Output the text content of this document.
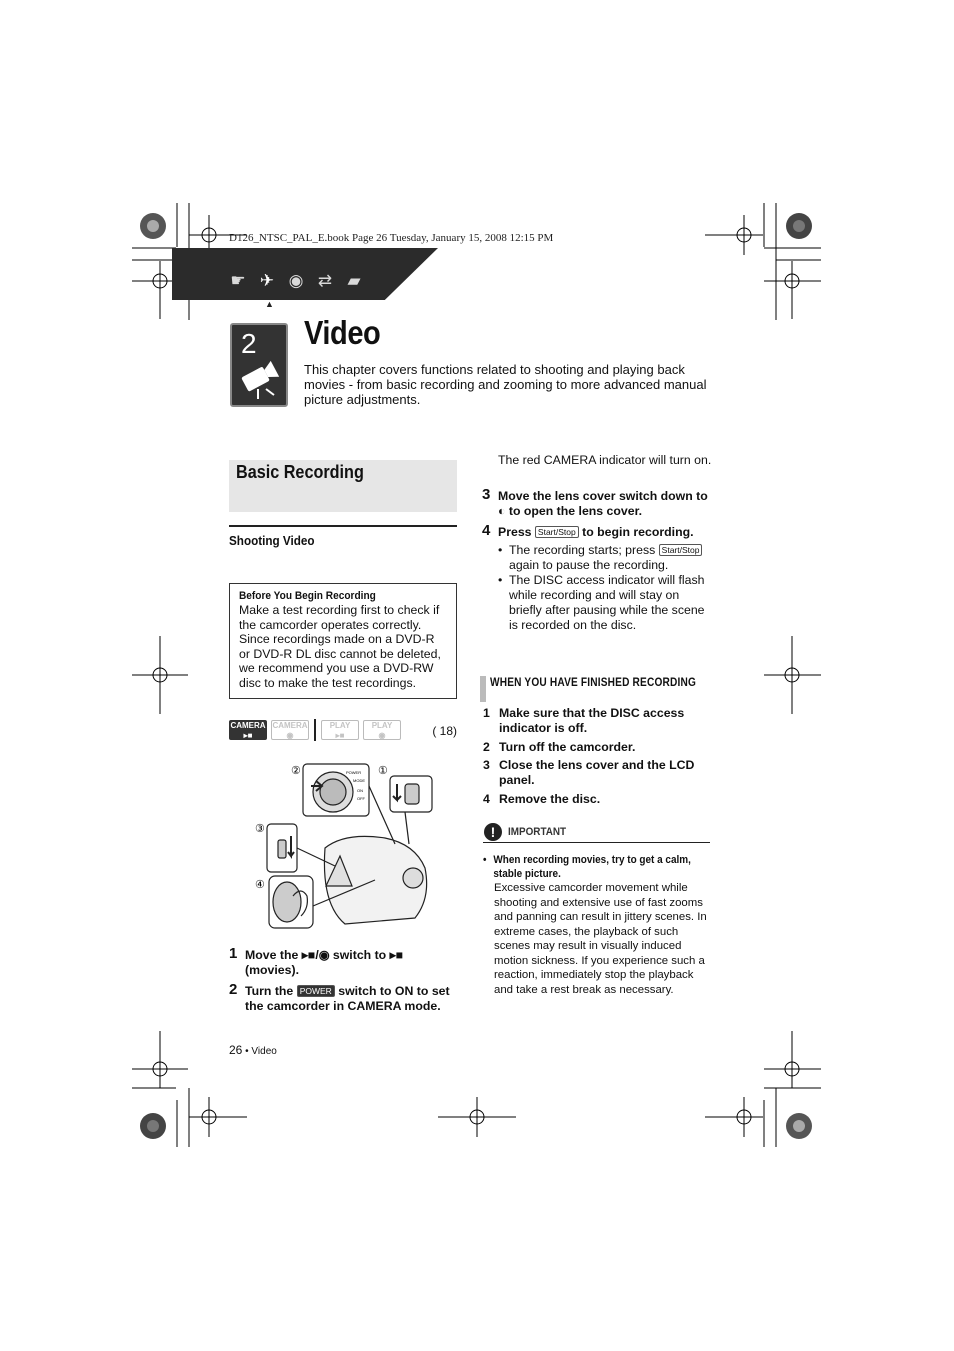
D126_NTSC_PAL_E.book Page 26 Tuesday, January 15, 2008 12:15 PM
☛ ✈ ◉ ⇄ ▰
▲
2 Video
This chapter covers functions related to shooting and playing back movies - from basic recording and zooming to more advanced manual picture adjustments.
Basic Recording
Shooting Video
Before You Begin Recording
Make a test recording first to check if the camcorder operates correctly. Since recordings made on a DVD-R or DVD-R DL disc cannot be deleted, we recommend you use a DVD-RW disc to make the test recordings.
CAMERA
▸■
CAMERA
◉
PLAY
▸■
PLAY
◉	( 18)
②	①
③
④
POWER
MODE
ON
OFF
1 Move the ▸■/◉ switch to ▸■
(movies).
2 Turn the POWER switch to ON to set the camcorder in CAMERA mode.
The red CAMERA indicator will turn on.
3 Move the lens cover switch down to ◐ to open the lens cover.
4 Press Start/Stop to begin recording.
• The recording starts; press Start/Stop again to pause the recording.
• The DISC access indicator will flash while recording and will stay on briefly after pausing while the scene is recorded on the disc.
WHEN YOU HAVE FINISHED RECORDING
1 Make sure that the DISC access indicator is off.
2 Turn off the camcorder.
3 Close the lens cover and the LCD panel.
4 Remove the disc.
!	IMPORTANT
• When recording movies, try to get a calm, stable picture.
Excessive camcorder movement while shooting and extensive use of fast zooms and panning can result in jittery scenes. In extreme cases, the playback of such scenes may result in visually induced motion sickness. If you experience such a reaction, immediately stop the playback and take a rest break as necessary.
26 • Video
